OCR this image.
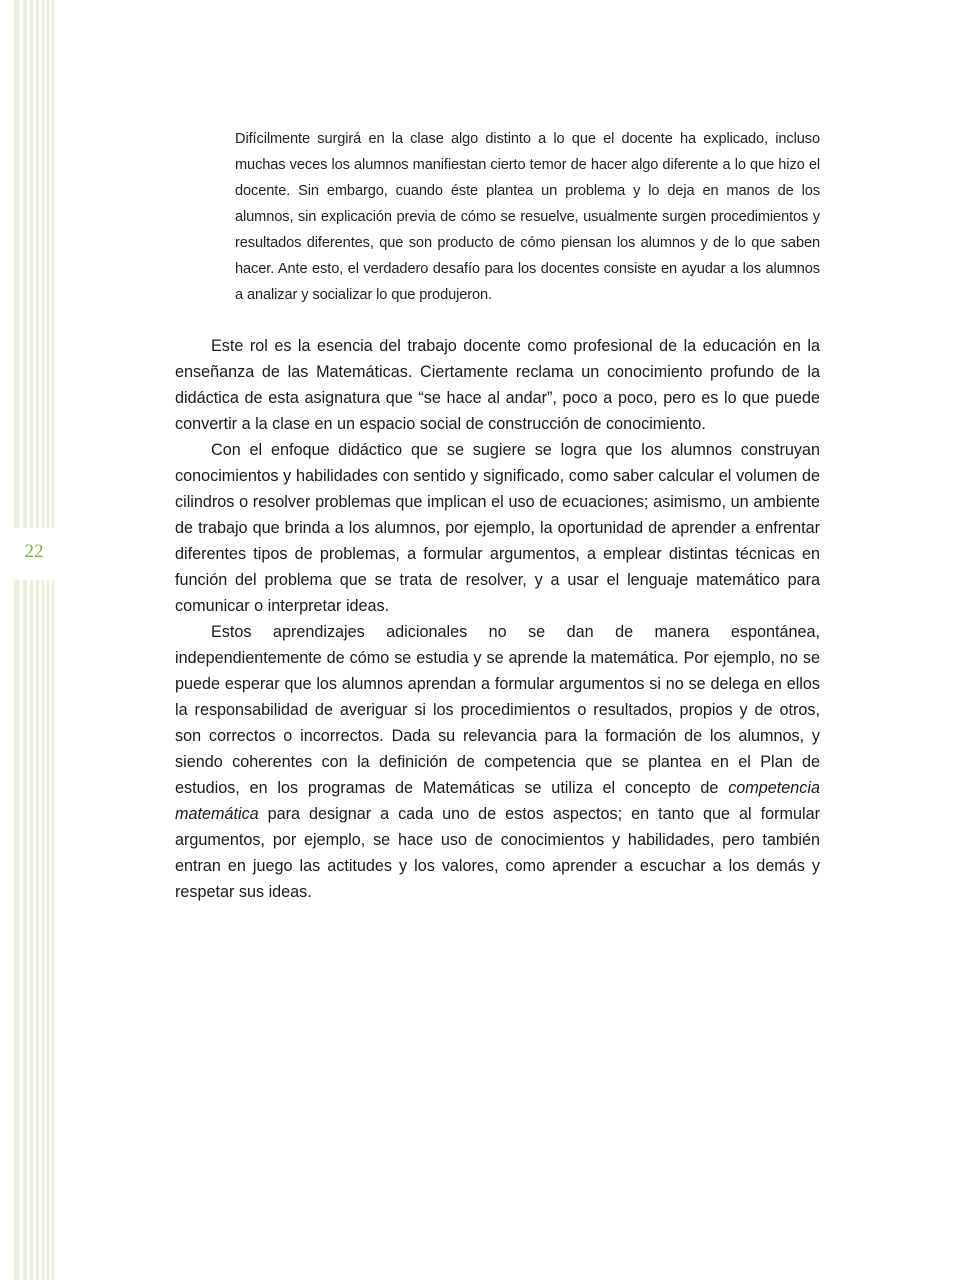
22

Difícilmente surgirá en la clase algo distinto a lo que el docente ha explicado, incluso muchas veces los alumnos manifiestan cierto temor de hacer algo diferente a lo que hizo el docente. Sin embargo, cuando éste plantea un problema y lo deja en manos de los alumnos, sin explicación previa de cómo se resuelve, usualmente surgen procedimientos y resultados diferentes, que son producto de cómo piensan los alumnos y de lo que saben hacer. Ante esto, el verdadero desafío para los docentes consiste en ayudar a los alumnos a analizar y socializar lo que produjeron.

Este rol es la esencia del trabajo docente como profesional de la educación en la enseñanza de las Matemáticas. Ciertamente reclama un conocimiento profundo de la didáctica de esta asignatura que “se hace al andar”, poco a poco, pero es lo que puede convertir a la clase en un espacio social de construcción de conocimiento.

Con el enfoque didáctico que se sugiere se logra que los alumnos construyan conocimientos y habilidades con sentido y significado, como saber calcular el volumen de cilindros o resolver problemas que implican el uso de ecuaciones; asimismo, un ambiente de trabajo que brinda a los alumnos, por ejemplo, la oportunidad de aprender a enfrentar diferentes tipos de problemas, a formular argumentos, a emplear distintas técnicas en función del problema que se trata de resolver, y a usar el lenguaje matemático para comunicar o interpretar ideas.

Estos aprendizajes adicionales no se dan de manera espontánea, independientemente de cómo se estudia y se aprende la matemática. Por ejemplo, no se puede esperar que los alumnos aprendan a formular argumentos si no se delega en ellos la responsabilidad de averiguar si los procedimientos o resultados, propios y de otros, son correctos o incorrectos. Dada su relevancia para la formación de los alumnos, y siendo coherentes con la definición de competencia que se plantea en el Plan de estudios, en los programas de Matemáticas se utiliza el concepto de competencia matemática para designar a cada uno de estos aspectos; en tanto que al formular argumentos, por ejemplo, se hace uso de conocimientos y habilidades, pero también entran en juego las actitudes y los valores, como aprender a escuchar a los demás y respetar sus ideas.
